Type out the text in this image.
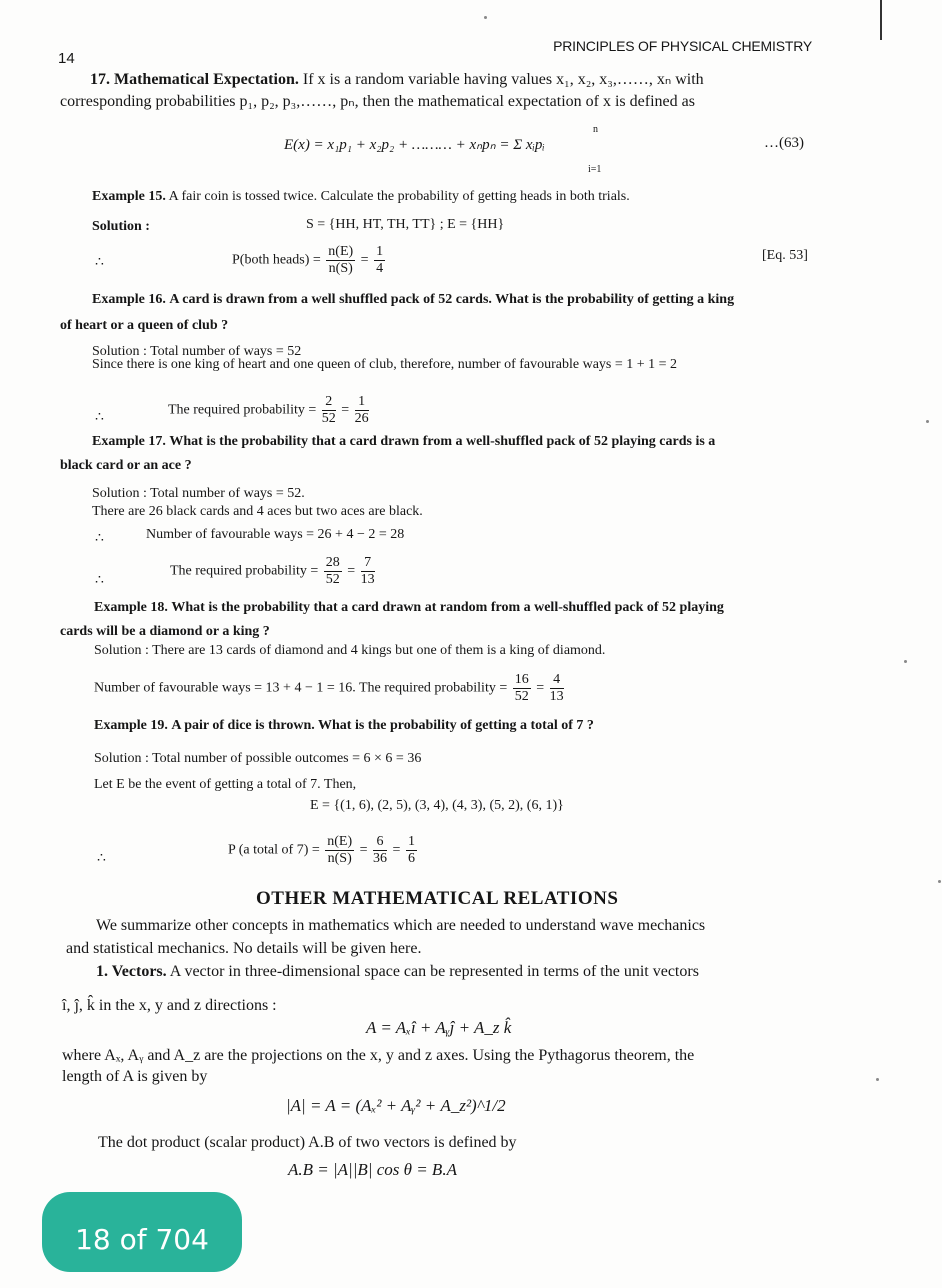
14
PRINCIPLES OF PHYSICAL CHEMISTRY
17. Mathematical Expectation. If x is a random variable having values x₁, x₂, x₃,……, xₙ with
corresponding probabilities p₁, p₂, p₃,……, pₙ, then the mathematical expectation of x is defined as
E(x) = x₁p₁ + x₂p₂ + ……… + xₙpₙ = Σ xᵢpᵢ
n
i=1
…(63)
Example 15. A fair coin is tossed twice. Calculate the probability of getting heads in both trials.
Solution :	S = {HH, HT, TH, TT} ; E = {HH}
∴	P(both heads) = $\frac{n(E)}{n(S)} = \frac{1}{4}$	[Eq. 53]
Example 16. A card is drawn from a well shuffled pack of 52 cards. What is the probability of getting a king
of heart or a queen of club ?
Solution : Total number of ways = 52
Since there is one king of heart and one queen of club, therefore, number of favourable ways = 1 + 1 = 2
∴	The required probability = $\frac{2}{52} = \frac{1}{26}$
Example 17. What is the probability that a card drawn from a well-shuffled pack of 52 playing cards is a
black card or an ace ?
Solution : Total number of ways = 52.
There are 26 black cards and 4 aces but two aces are black.
∴	Number of favourable ways = 26 + 4 − 2 = 28
∴
The required probability = $\frac{28}{52} = \frac{7}{13}$
Example 18. What is the probability that a card drawn at random from a well-shuffled pack of 52 playing
cards will be a diamond or a king ?
Solution : There are 13 cards of diamond and 4 kings but one of them is a king of diamond.
Number of favourable ways = 13 + 4 − 1 = 16. The required probability = $\frac{16}{52} = \frac{4}{13}$
Example 19. A pair of dice is thrown. What is the probability of getting a total of 7 ?
Solution : Total number of possible outcomes = 6 × 6 = 36
Let E be the event of getting a total of 7. Then,
E = {(1, 6), (2, 5), (3, 4), (4, 3), (5, 2), (6, 1)}
∴
P (a total of $7) = \frac{n(E)}{n(S)} = \frac{6}{36} = \frac{1}{6}$
OTHER MATHEMATICAL RELATIONS
We summarize other concepts in mathematics which are needed to understand wave mechanics
and statistical mechanics. No details will be given here.
1. Vectors. A vector in three-dimensional space can be represented in terms of the unit vectors
î, ĵ, k̂ in the x, y and z directions :
A = Aₓî + Aᵧĵ + A_z k̂
where Aₓ, Aᵧ and A_z are the projections on the x, y and z axes. Using the Pythagorus theorem, the
length of A is given by
|A| = A = (Aₓ² + Aᵧ² + A_z²)^1/2
The dot product (scalar product) A.B of two vectors is defined by
A.B = |A||B| cos θ = B.A
18 of 704
